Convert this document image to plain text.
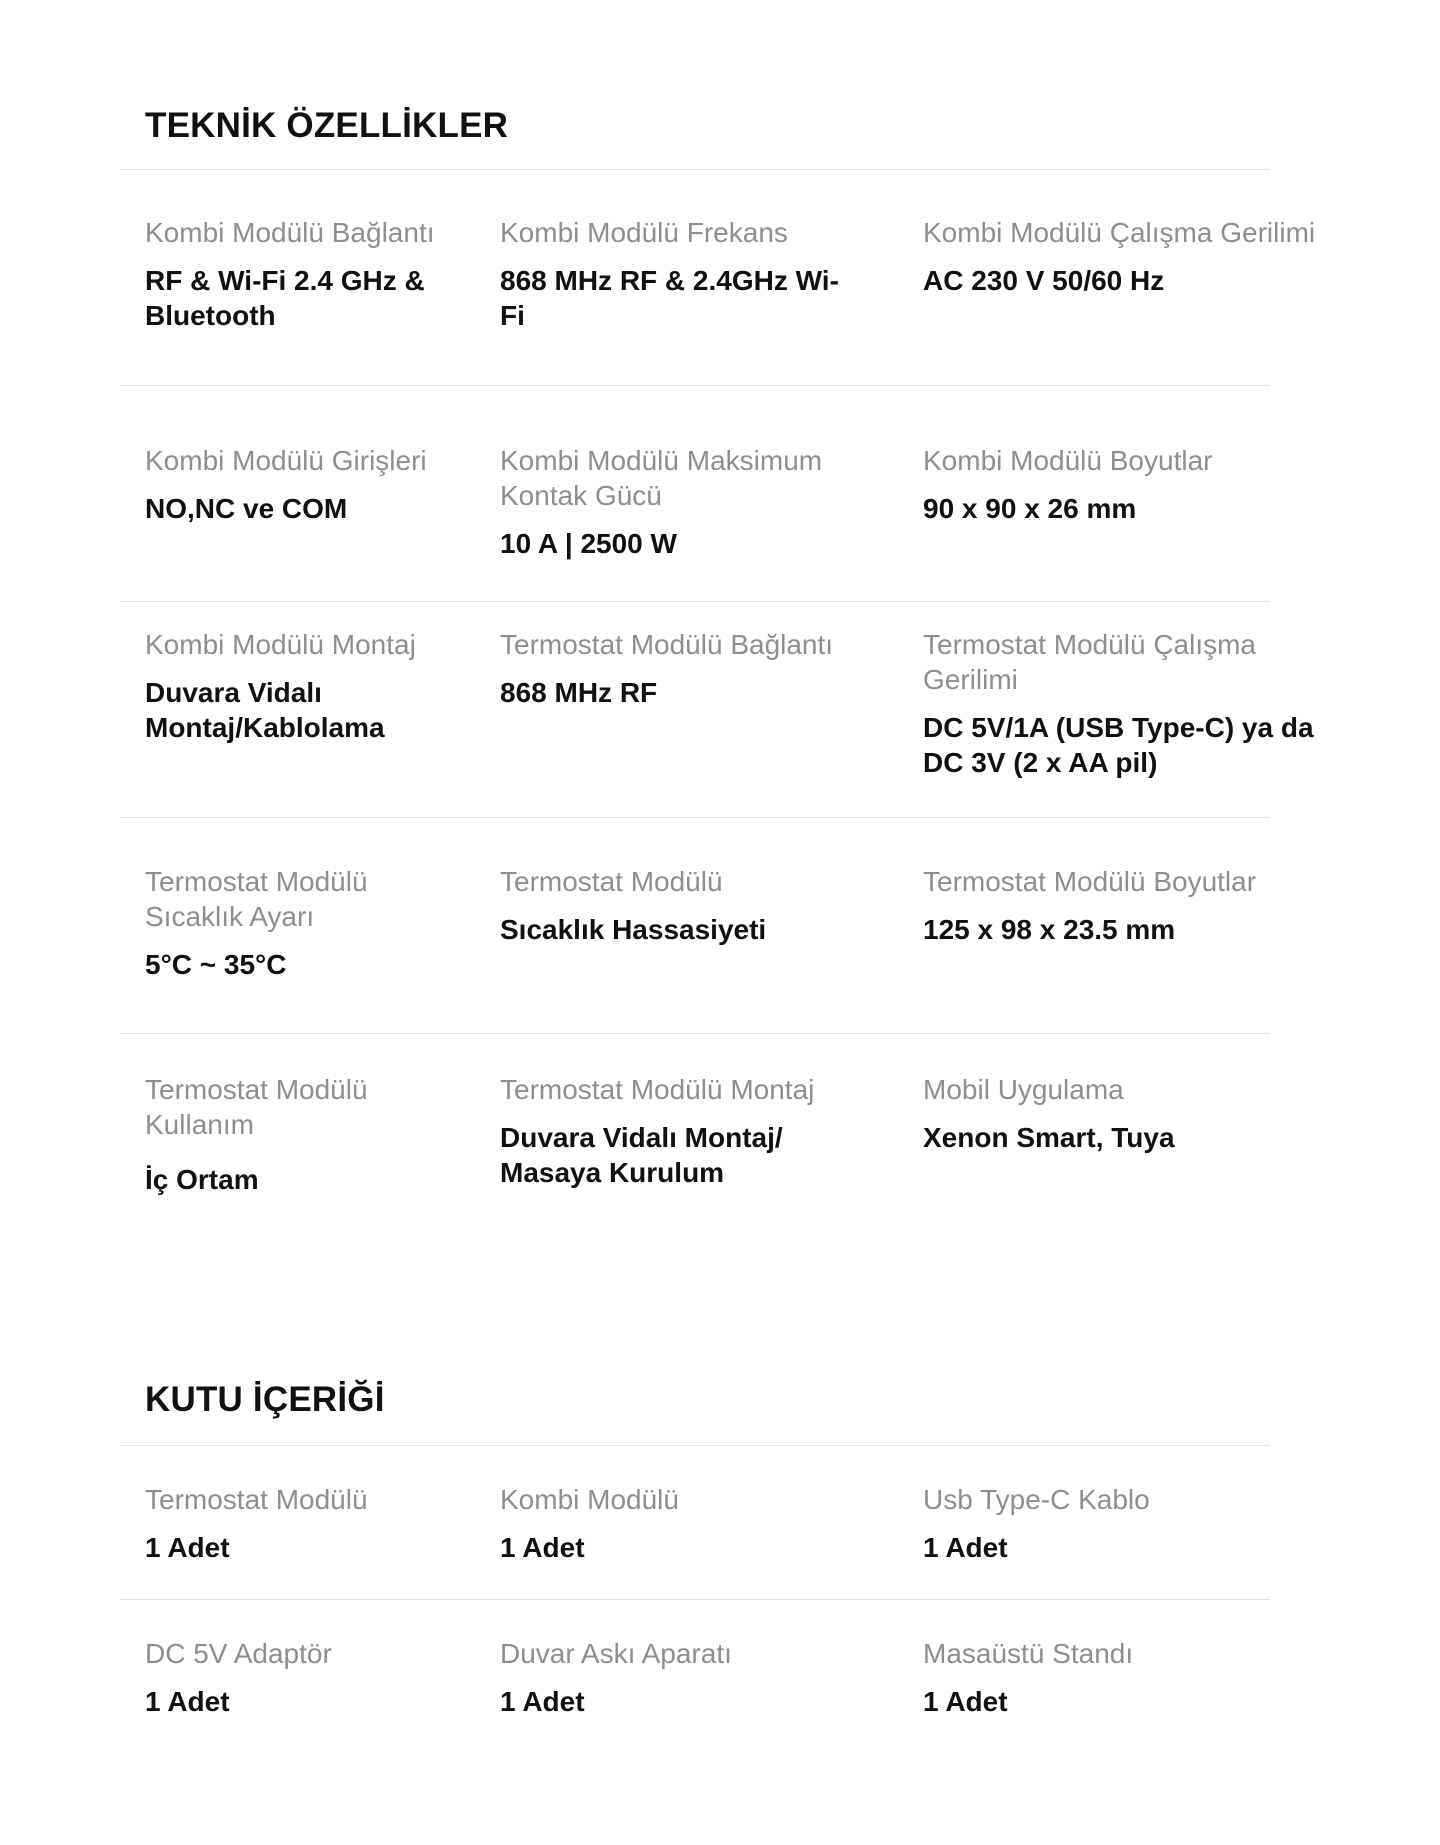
TEKNİK ÖZELLİKLER
Kombi Modülü Bağlantı
RF & Wi-Fi 2.4 GHz & Bluetooth
Kombi Modülü Frekans
868 MHz RF & 2.4GHz Wi-Fi
Kombi Modülü Çalışma Gerilimi
AC 230 V 50/60 Hz
Kombi Modülü Girişleri
NO,NC ve COM
Kombi Modülü Maksimum Kontak Gücü
10 A | 2500 W
Kombi Modülü Boyutlar
90 x 90 x 26 mm
Kombi Modülü Montaj
Duvara Vidalı Montaj/Kablolama
Termostat Modülü Bağlantı
868 MHz RF
Termostat Modülü Çalışma Gerilimi
DC 5V/1A (USB Type-C) ya da DC 3V (2 x AA pil)
Termostat Modülü Sıcaklık Ayarı
5°C ~ 35°C
Termostat Modülü
Sıcaklık Hassasiyeti
Termostat Modülü Boyutlar
125 x 98 x 23.5 mm
Termostat Modülü Kullanım
İç Ortam
Termostat Modülü Montaj
Duvara Vidalı Montaj/ Masaya Kurulum
Mobil Uygulama
Xenon Smart, Tuya
KUTU İÇERİĞİ
Termostat Modülü
1 Adet
Kombi Modülü
1 Adet
Usb Type-C Kablo
1 Adet
DC 5V Adaptör
1 Adet
Duvar Askı Aparatı
1 Adet
Masaüstü Standı
1 Adet
